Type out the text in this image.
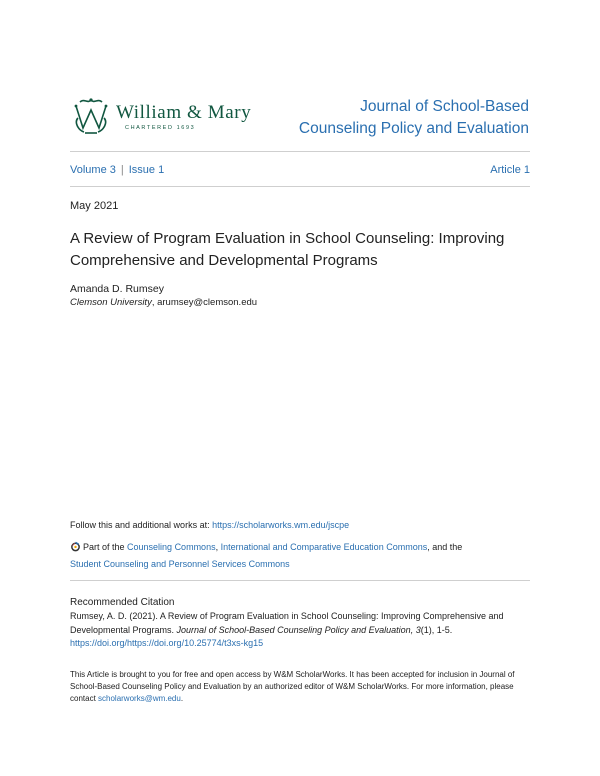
William & Mary
CHARTERED 1693
Journal of School-Based
Counseling Policy and Evaluation
Volume 3 | Issue 1	Article 1
May 2021
A Review of Program Evaluation in School Counseling: Improving Comprehensive and Developmental Programs
Amanda D. Rumsey
Clemson University, arumsey@clemson.edu
Follow this and additional works at: https://scholarworks.wm.edu/jscpe
Part of the Counseling Commons, International and Comparative Education Commons, and the
Student Counseling and Personnel Services Commons
Recommended Citation
Rumsey, A. D. (2021). A Review of Program Evaluation in School Counseling: Improving Comprehensive and Developmental Programs. Journal of School-Based Counseling Policy and Evaluation, 3(1), 1-5.
https://doi.org/https://doi.org/10.25774/t3xs-kg15
This Article is brought to you for free and open access by W&M ScholarWorks. It has been accepted for inclusion in Journal of School-Based Counseling Policy and Evaluation by an authorized editor of W&M ScholarWorks. For more information, please contact scholarworks@wm.edu.
